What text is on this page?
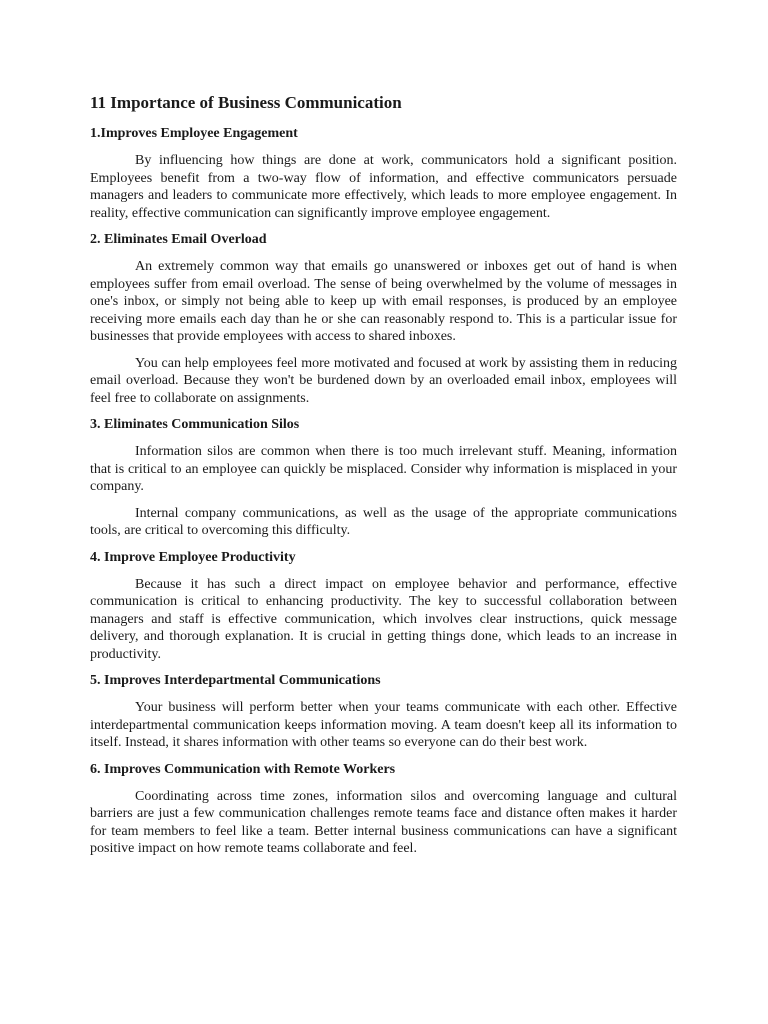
11 Importance of Business Communication
1.Improves Employee Engagement

By influencing how things are done at work, communicators hold a significant position. Employees benefit from a two-way flow of information, and effective communicators persuade managers and leaders to communicate more effectively, which leads to more employee engagement. In reality, effective communication can significantly improve employee engagement.

2. Eliminates Email Overload

An extremely common way that emails go unanswered or inboxes get out of hand is when employees suffer from email overload. The sense of being overwhelmed by the volume of messages in one's inbox, or simply not being able to keep up with email responses, is produced by an employee receiving more emails each day than he or she can reasonably respond to. This is a particular issue for businesses that provide employees with access to shared inboxes.

You can help employees feel more motivated and focused at work by assisting them in reducing email overload. Because they won't be burdened down by an overloaded email inbox, employees will feel free to collaborate on assignments.

3. Eliminates Communication Silos

Information silos are common when there is too much irrelevant stuff. Meaning, information that is critical to an employee can quickly be misplaced. Consider why information is misplaced in your company.

Internal company communications, as well as the usage of the appropriate communications tools, are critical to overcoming this difficulty.

4. Improve Employee Productivity

Because it has such a direct impact on employee behavior and performance, effective communication is critical to enhancing productivity. The key to successful collaboration between managers and staff is effective communication, which involves clear instructions, quick message delivery, and thorough explanation. It is crucial in getting things done, which leads to an increase in productivity.

5. Improves Interdepartmental Communications

Your business will perform better when your teams communicate with each other. Effective interdepartmental communication keeps information moving. A team doesn't keep all its information to itself. Instead, it shares information with other teams so everyone can do their best work.

6. Improves Communication with Remote Workers

Coordinating across time zones, information silos and overcoming language and cultural barriers are just a few communication challenges remote teams face and distance often makes it harder for team members to feel like a team. Better internal business communications can have a significant positive impact on how remote teams collaborate and feel.
